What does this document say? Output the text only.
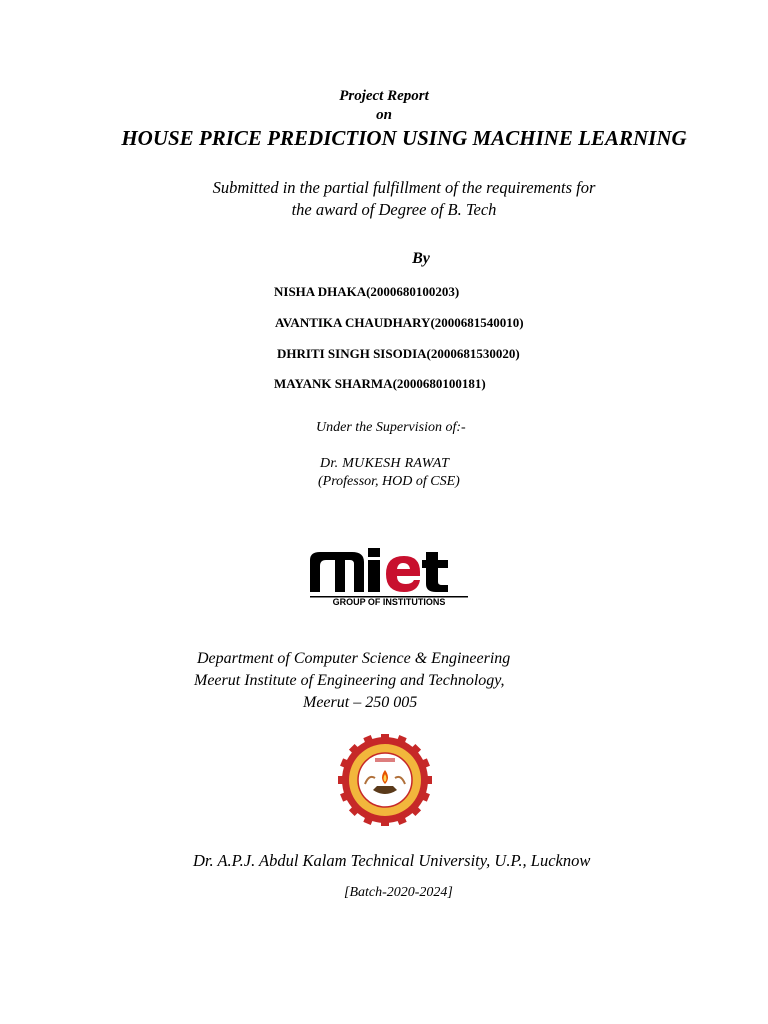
Project Report
on
HOUSE PRICE PREDICTION USING MACHINE LEARNING
Submitted in the partial fulfillment of the requirements for
the award of Degree of B. Tech
By
NISHA DHAKA(2000680100203)
AVANTIKA CHAUDHARY(2000681540010)
DHRITI SINGH SISODIA(2000681530020)
MAYANK SHARMA(2000680100181)
Under the Supervision of:-
Dr. MUKESH RAWAT
(Professor, HOD of CSE)
GROUP OF INSTITUTIONS
Department of Computer Science & Engineering
Meerut Institute of Engineering and Technology,
Meerut – 250 005
Dr. A.P.J. Abdul Kalam Technical University, U.P., Lucknow
[Batch-2020-2024]
